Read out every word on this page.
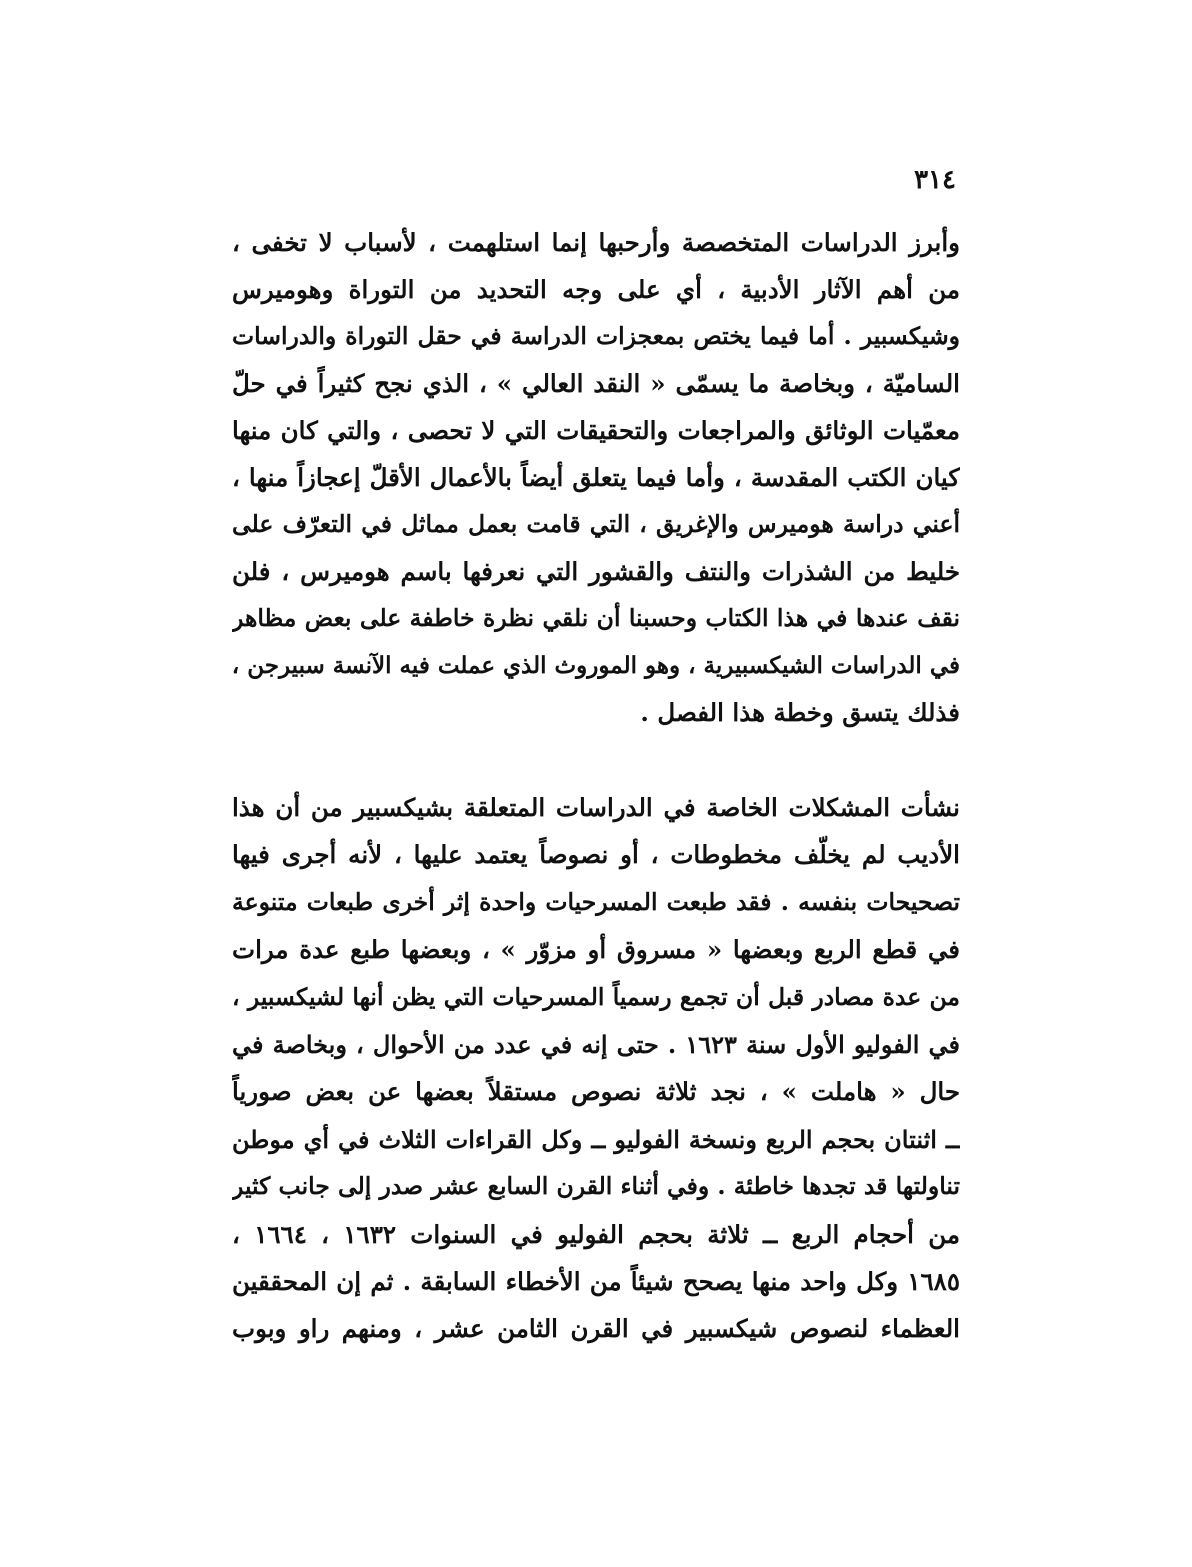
٣١٤
وأبرز الدراسات المتخصصة وأرحبها إنما استلهمت ، لأسباب لا تخفى ،
من أهم الآثار الأدبية ، أي على وجه التحديد من التوراة وهوميرس
وشيكسبير . أما فيما يختص بمعجزات الدراسة في حقل التوراة والدراسات
الساميّة ، وبخاصة ما يسمّى « النقد العالي » ، الذي نجح كثيراً في حلّ
معمّيات الوثائق والمراجعات والتحقيقات التي لا تحصى ، والتي كان منها
كيان الكتب المقدسة ، وأما فيما يتعلق أيضاً بالأعمال الأقلّ إعجازاً منها ،
أعني دراسة هوميرس والإغريق ، التي قامت بعمل مماثل في التعرّف على
خليط من الشذرات والنتف والقشور التي نعرفها باسم هوميرس ، فلن
نقف عندها في هذا الكتاب وحسبنا أن نلقي نظرة خاطفة على بعض مظاهر
في الدراسات الشيكسبيرية ، وهو الموروث الذي عملت فيه الآنسة سبيرجن ،
فذلك يتسق وخطة هذا الفصل .
نشأت المشكلات الخاصة في الدراسات المتعلقة بشيكسبير من أن هذا
الأديب لم يخلّف مخطوطات ، أو نصوصاً يعتمد عليها ، لأنه أجرى فيها
تصحيحات بنفسه . فقد طبعت المسرحيات واحدة إثر أخرى طبعات متنوعة
في قطع الربع وبعضها « مسروق أو مزوّر » ، وبعضها طبع عدة مرات
من عدة مصادر قبل أن تجمع رسمياً المسرحيات التي يظن أنها لشيكسبير ،
في الفوليو الأول سنة ١٦٢٣ . حتى إنه في عدد من الأحوال ، وبخاصة في
حال « هاملت » ، نجد ثلاثة نصوص مستقلاً بعضها عن بعض صورياً
ــ اثنتان بحجم الربع ونسخة الفوليو ــ وكل القراءات الثلاث في أي موطن
تناولتها قد تجدها خاطئة . وفي أثناء القرن السابع عشر صدر إلى جانب كثير
من أحجام الربع ــ ثلاثة بحجم الفوليو في السنوات ١٦٣٢ ، ١٦٦٤ ،
١٦٨٥ وكل واحد منها يصحح شيئاً من الأخطاء السابقة . ثم إن المحققين
العظماء لنصوص شيكسبير في القرن الثامن عشر ، ومنهم راو وبوب
